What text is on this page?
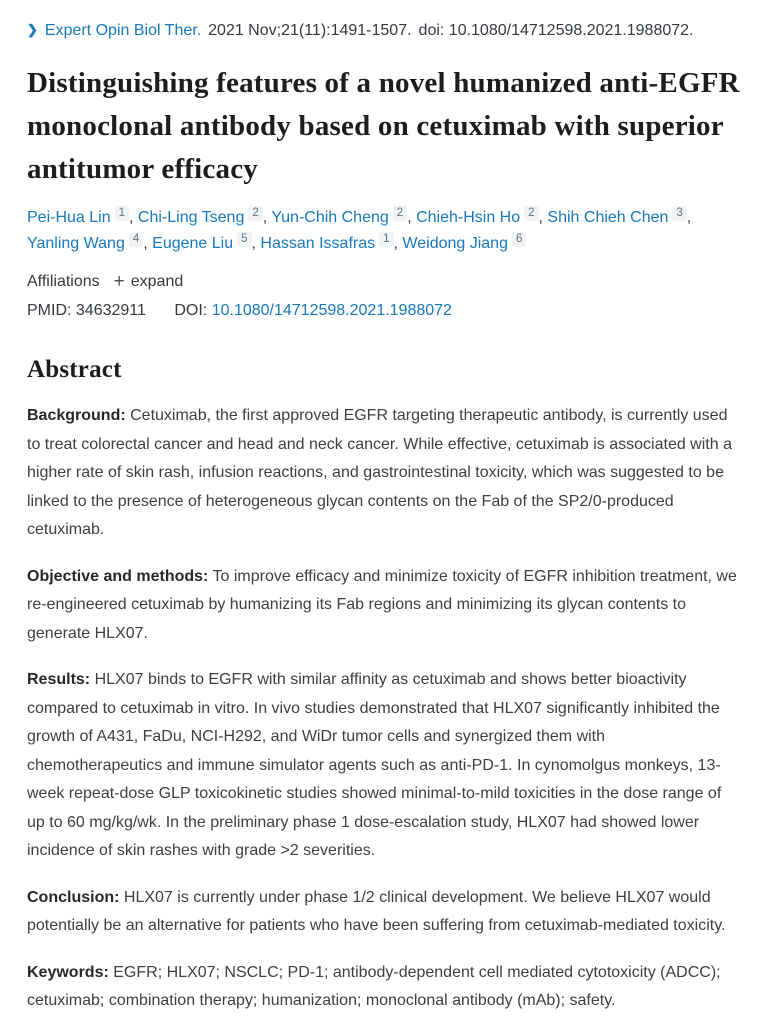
❯ Expert Opin Biol Ther. 2021 Nov;21(11):1491-1507. doi: 10.1080/14712598.2021.1988072.
Distinguishing features of a novel humanized anti-EGFR monoclonal antibody based on cetuximab with superior antitumor efficacy
Pei-Hua Lin 1 , Chi-Ling Tseng 2 , Yun-Chih Cheng 2 , Chieh-Hsin Ho 2 , Shih Chieh Chen 3 , Yanling Wang 4 , Eugene Liu 5 , Hassan Issafras 1 , Weidong Jiang 6
Affiliations + expand
PMID: 34632911 DOI: 10.1080/14712598.2021.1988072
Abstract

Background: Cetuximab, the first approved EGFR targeting therapeutic antibody, is currently used to treat colorectal cancer and head and neck cancer. While effective, cetuximab is associated with a higher rate of skin rash, infusion reactions, and gastrointestinal toxicity, which was suggested to be linked to the presence of heterogeneous glycan contents on the Fab of the SP2/0-produced cetuximab.

Objective and methods: To improve efficacy and minimize toxicity of EGFR inhibition treatment, we re-engineered cetuximab by humanizing its Fab regions and minimizing its glycan contents to generate HLX07.

Results: HLX07 binds to EGFR with similar affinity as cetuximab and shows better bioactivity compared to cetuximab in vitro. In vivo studies demonstrated that HLX07 significantly inhibited the growth of A431, FaDu, NCI-H292, and WiDr tumor cells and synergized them with chemotherapeutics and immune simulator agents such as anti-PD-1. In cynomolgus monkeys, 13-week repeat-dose GLP toxicokinetic studies showed minimal-to-mild toxicities in the dose range of up to 60 mg/kg/wk. In the preliminary phase 1 dose-escalation study, HLX07 had showed lower incidence of skin rashes with grade >2 severities.

Conclusion: HLX07 is currently under phase 1/2 clinical development. We believe HLX07 would potentially be an alternative for patients who have been suffering from cetuximab-mediated toxicity.

Keywords: EGFR; HLX07; NSCLC; PD-1; antibody-dependent cell mediated cytotoxicity (ADCC); cetuximab; combination therapy; humanization; monoclonal antibody (mAb); safety.
